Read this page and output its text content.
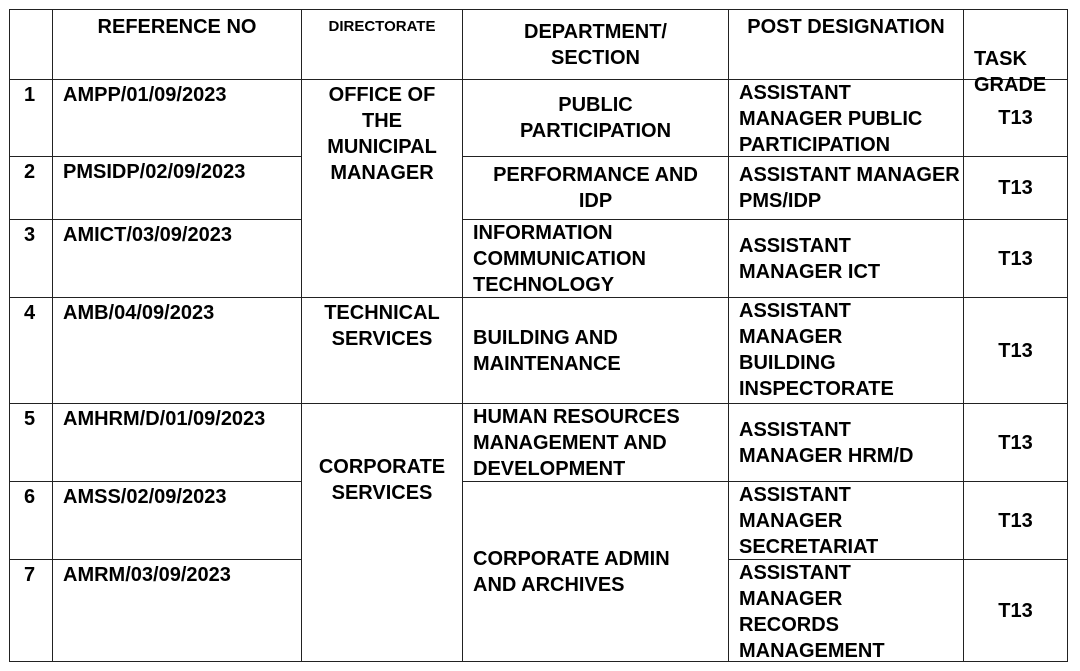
REFERENCE NO	DIRECTORATE	DEPARTMENT/
SECTION
POST DESIGNATION

TASK
GRADE

1
2
3
4
5
6
7
AMPP/01/09/2023
PMSIDP/02/09/2023
AMICT/03/09/2023
AMB/04/09/2023
AMHRM/D/01/09/2023
AMSS/02/09/2023
AMRM/03/09/2023
OFFICE OF THE MUNICIPAL MANAGER
TECHNICAL SERVICES
CORPORATE SERVICES
PUBLIC PARTICIPATION
PERFORMANCE AND IDP
INFORMATION COMMUNICATION TECHNOLOGY
BUILDING AND MAINTENANCE
HUMAN RESOURCES MANAGEMENT AND DEVELOPMENT
CORPORATE ADMIN AND ARCHIVES
ASSISTANT MANAGER PUBLIC PARTICIPATION
ASSISTANT MANAGER PMS/IDP
ASSISTANT MANAGER ICT
ASSISTANT MANAGER BUILDING INSPECTORATE
ASSISTANT MANAGER HRM/D
ASSISTANT MANAGER SECRETARIAT
ASSISTANT MANAGER RECORDS MANAGEMENT
T13
T13
T13
T13
T13
T13
T13
